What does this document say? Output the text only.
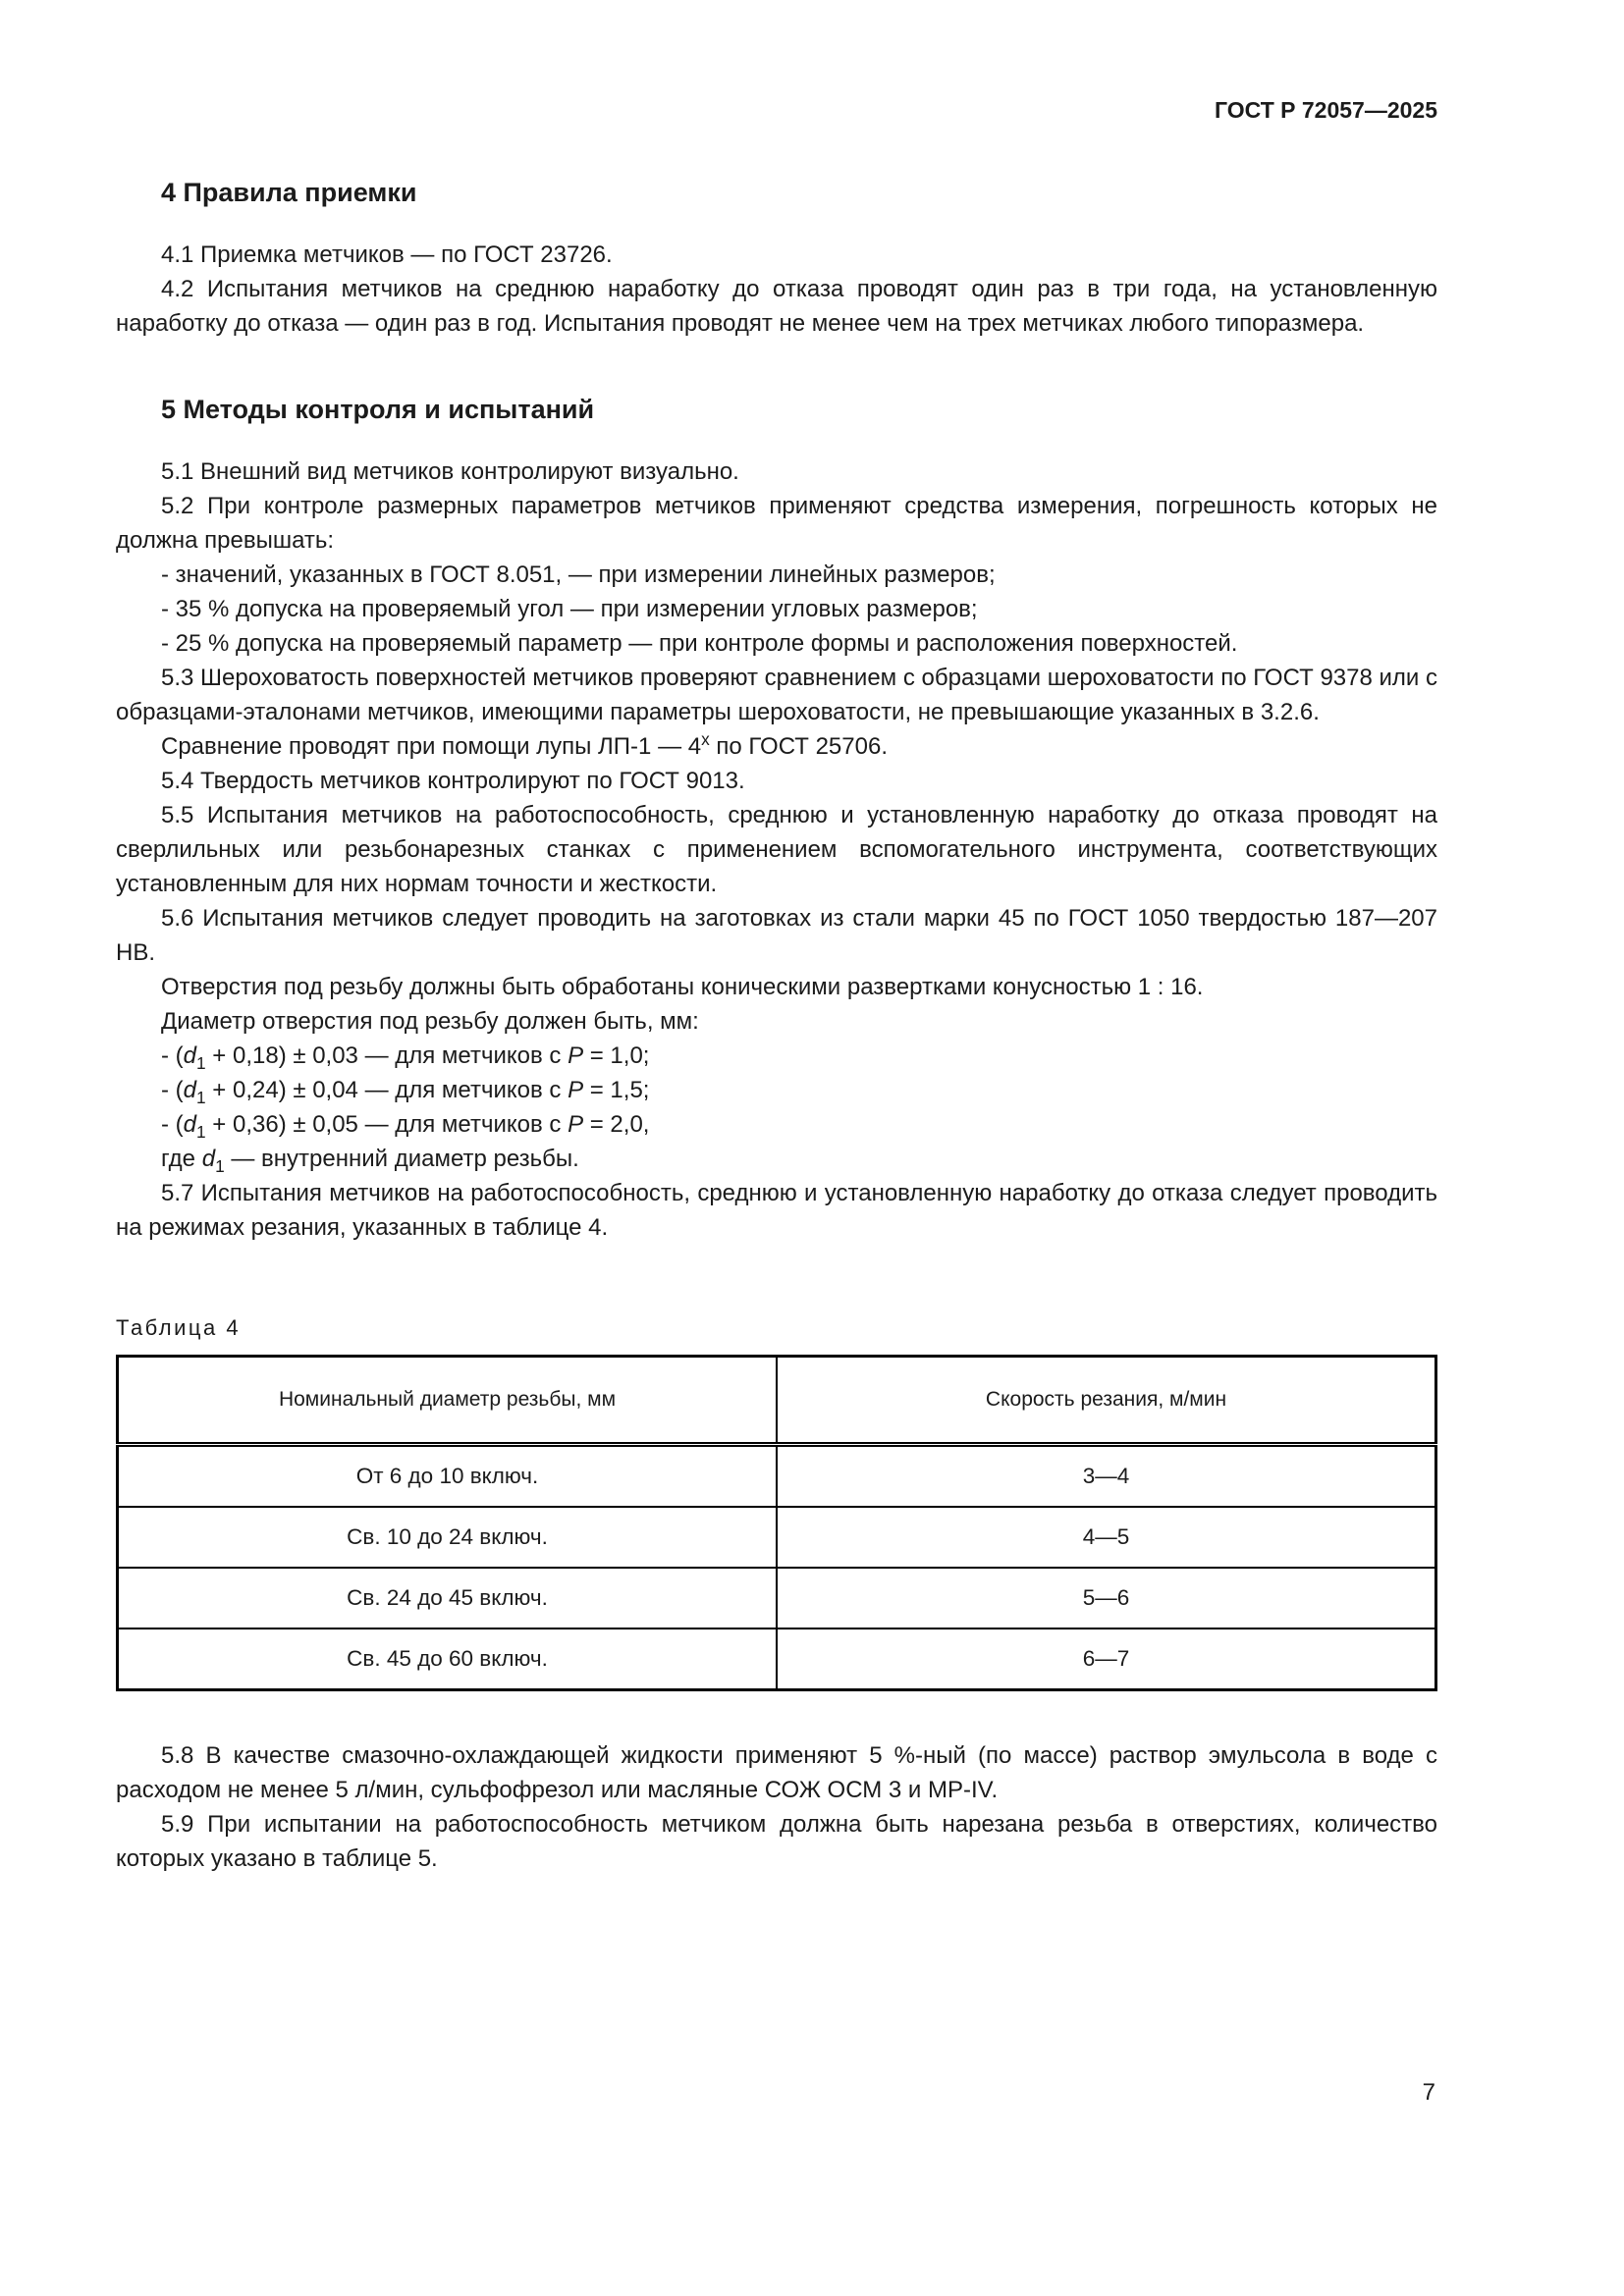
ГОСТ Р 72057—2025
4 Правила приемки

4.1 Приемка метчиков — по ГОСТ 23726.

4.2 Испытания метчиков на среднюю наработку до отказа проводят один раз в три года, на установленную наработку до отказа — один раз в год. Испытания проводят не менее чем на трех метчиках любого типоразмера.

5 Методы контроля и испытаний

5.1 Внешний вид метчиков контролируют визуально.

5.2 При контроле размерных параметров метчиков применяют средства измерения, погрешность которых не должна превышать:

- значений, указанных в ГОСТ 8.051, — при измерении линейных размеров;

- 35 % допуска на проверяемый угол — при измерении угловых размеров;

- 25 % допуска на проверяемый параметр — при контроле формы и расположения поверхностей.

5.3 Шероховатость поверхностей метчиков проверяют сравнением с образцами шероховатости по ГОСТ 9378 или с образцами-эталонами метчиков, имеющими параметры шероховатости, не превышающие указанных в 3.2.6.

Сравнение проводят при помощи лупы ЛП-1 — $4^х$ по ГОСТ 25706.

5.4 Твердость метчиков контролируют по ГОСТ 9013.

5.5 Испытания метчиков на работоспособность, среднюю и установленную наработку до отказа проводят на сверлильных или резьбонарезных станках с применением вспомогательного инструмента, соответствующих установленным для них нормам точности и жесткости.

5.6 Испытания метчиков следует проводить на заготовках из стали марки 45 по ГОСТ 1050 твердостью 187—207 НВ.

Отверстия под резьбу должны быть обработаны коническими развертками конусностью 1 : 16.

Диаметр отверстия под резьбу должен быть, мм:

- $(d_1 + 0,18) \pm 0,03$ — для метчиков с P = 1,0;

- $(d_1 + 0,24) \pm 0,04$ — для метчиков с P = 1,5;

- $(d_1 + 0,36) \pm 0,05$ — для метчиков с P = 2,0,

где $d_1$ — внутренний диаметр резьбы.

5.7 Испытания метчиков на работоспособность, среднюю и установленную наработку до отказа следует проводить на режимах резания, указанных в таблице 4.

Таблица 4
Номинальный диаметр резьбы, мм	Скорость резания, м/мин
От 6 до 10 включ.	3—4
Св. 10 до 24 включ.	4—5
Св. 24 до 45 включ.	5—6
Св. 45 до 60 включ.	6—7

5.8 В качестве смазочно-охлаждающей жидкости применяют 5 %-ный (по массе) раствор эмульсола в воде с расходом не менее 5 л/мин, сульфофрезол или масляные СОЖ ОСМ 3 и МР-IV.

5.9 При испытании на работоспособность метчиком должна быть нарезана резьба в отверстиях, количество которых указано в таблице 5.

7
